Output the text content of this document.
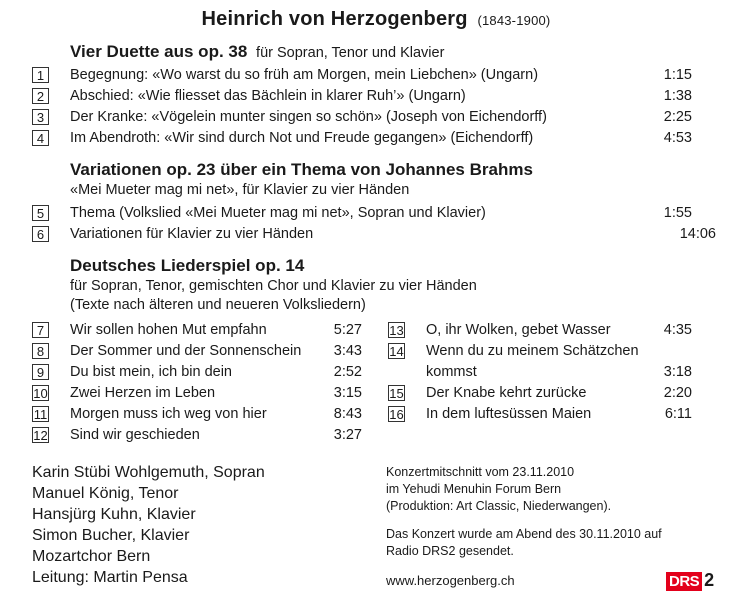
Heinrich von Herzogenberg (1843-1900)
Vier Duette aus op. 38 für Sopran, Tenor und Klavier
1	Begegnung: «Wo warst du so früh am Morgen, mein Liebchen» (Ungarn)	1:15
2	Abschied: «Wie fliesset das Bächlein in klarer Ruh’» (Ungarn)	1:38
3	Der Kranke: «Vögelein munter singen so schön» (Joseph von Eichendorff)	2:25
4	Im Abendroth: «Wir sind durch Not und Freude gegangen» (Eichendorff)	4:53
Variationen op. 23 über ein Thema von Johannes Brahms
«Mei Mueter mag mi net», für Klavier zu vier Händen
5	Thema (Volkslied «Mei Mueter mag mi net», Sopran und Klavier)	1:55
6	Variationen für Klavier zu vier Händen	14:06
Deutsches Liederspiel op. 14
für Sopran, Tenor, gemischten Chor und Klavier zu vier Händen
(Texte nach älteren und neueren Volksliedern)
7	Wir sollen hohen Mut empfahn	5:27
8	Der Sommer und der Sonnenschein 3:43
9	Du bist mein, ich bin dein	2:52
10 Zwei Herzen im Leben	3:15
11 Morgen muss ich weg von hier	8:43
12 Sind wir geschieden	3:27
13 O, ihr Wolken, gebet Wasser	4:35
14 Wenn du zu meinem Schätzchen
kommst	3:18
15 Der Knabe kehrt zurücke	2:20
16 In dem luftesüssen Maien	6:11
Karin Stübi Wohlgemuth, Sopran
Manuel König, Tenor
Hansjürg Kuhn, Klavier
Simon Bucher, Klavier
Mozartchor Bern
Leitung: Martin Pensa
Konzertmitschnitt vom 23.11.2010
im Yehudi Menuhin Forum Bern
(Produktion: Art Classic, Niederwangen).
Das Konzert wurde am Abend des 30.11.2010 auf
Radio DRS2 gesendet.
www.herzogenberg.ch	DRS 2
